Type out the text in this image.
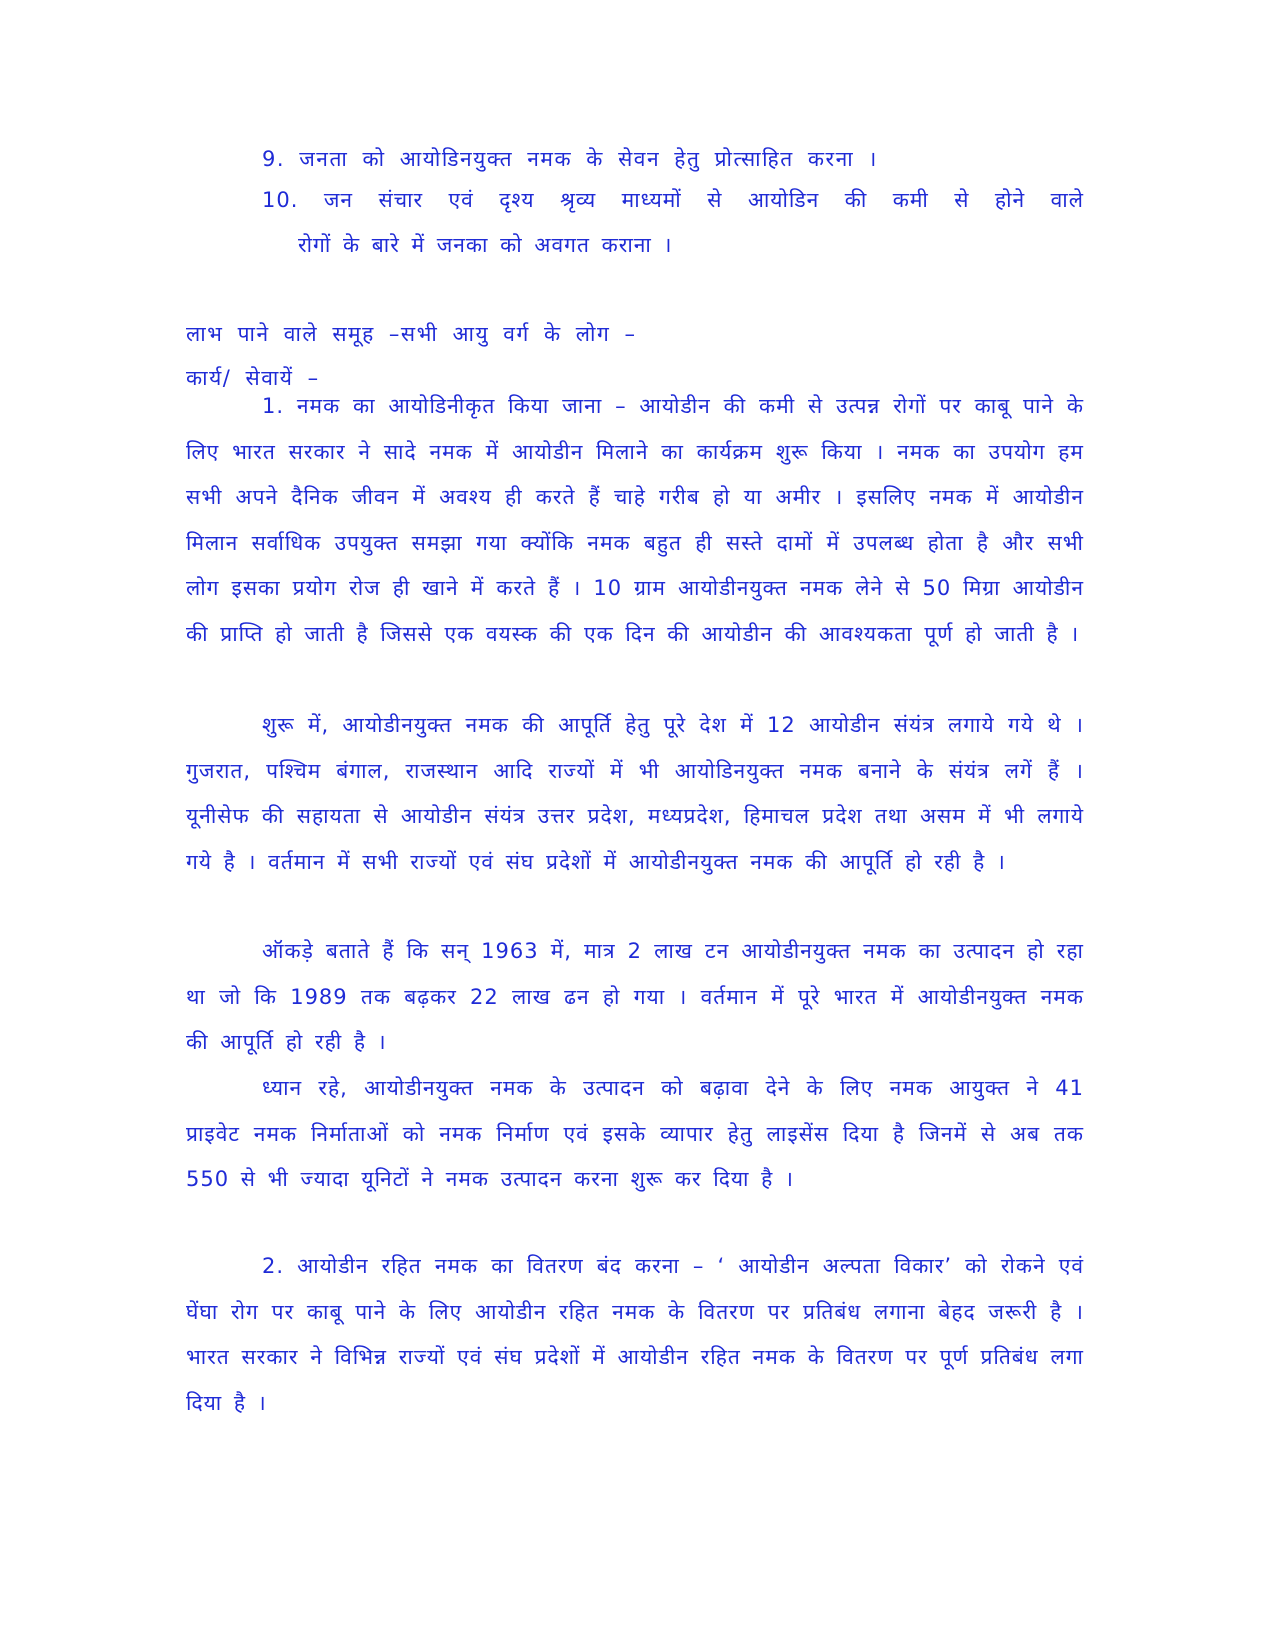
9. जनता को आयोडिनयुक्त नमक के सेवन हेतु प्रोत्साहित करना ।
10. जन संचार एवं दृश्य श्रृव्य माध्यमों से आयोडिन की कमी से होने वाले
रोगों के बारे में जनका को अवगत कराना ।
लाभ पाने वाले समूह –सभी आयु वर्ग के लोग –
कार्य/ सेवायें –

1. नमक का आयोडिनीकृत किया जाना – आयोडीन की कमी से उत्पन्न रोगों पर काबू पाने के लिए भारत सरकार ने सादे नमक में आयोडीन मिलाने का कार्यक्रम शुरू किया । नमक का उपयोग हम सभी अपने दैनिक जीवन में अवश्य ही करते हैं चाहे गरीब हो या अमीर । इसलिए नमक में आयोडीन मिलान सर्वाधिक उपयुक्त समझा गया क्योंकि नमक बहुत ही सस्ते दामों में उपलब्ध होता है और सभी लोग इसका प्रयोग रोज ही खाने में करते हैं । 10 ग्राम आयोडीनयुक्त नमक लेने से 50 मिग्रा आयोडीन की प्राप्ति हो जाती है जिससे एक वयस्क की एक दिन की आयोडीन की आवश्यकता पूर्ण हो जाती है ।

शुरू में, आयोडीनयुक्त नमक की आपूर्ति हेतु पूरे देश में 12 आयोडीन संयंत्र लगाये गये थे । गुजरात, पश्चिम बंगाल, राजस्थान आदि राज्यों में भी आयोडिनयुक्त नमक बनाने के संयंत्र लगें हैं । यूनीसेफ की सहायता से आयोडीन संयंत्र उत्तर प्रदेश, मध्यप्रदेश, हिमाचल प्रदेश तथा असम में भी लगाये गये है । वर्तमान में सभी राज्यों एवं संघ प्रदेशों में आयोडीनयुक्त नमक की आपूर्ति हो रही है ।

ऑकड़े बताते हैं कि सन् 1963 में, मात्र 2 लाख टन आयोडीनयुक्त नमक का उत्पादन हो रहा था जो कि 1989 तक बढ़कर 22 लाख ढन हो गया । वर्तमान में पूरे भारत में आयोडीनयुक्त नमक की आपूर्ति हो रही है ।

ध्यान रहे, आयोडीनयुक्त नमक के उत्पादन को बढ़ावा देने के लिए नमक आयुक्त ने 41 प्राइवेट नमक निर्माताओं को नमक निर्माण एवं इसके व्यापार हेतु लाइसेंस दिया है जिनमें से अब तक 550 से भी ज्यादा यूनिटों ने नमक उत्पादन करना शुरू कर दिया है ।

2. आयोडीन रहित नमक का वितरण बंद करना – ‘ आयोडीन अल्पता विकार’ को रोकने एवं घेंघा रोग पर काबू पाने के लिए आयोडीन रहित नमक के वितरण पर प्रतिबंध लगाना बेहद जरूरी है । भारत सरकार ने विभिन्न राज्यों एवं संघ प्रदेशों में आयोडीन रहित नमक के वितरण पर पूर्ण प्रतिबंध लगा दिया है ।
